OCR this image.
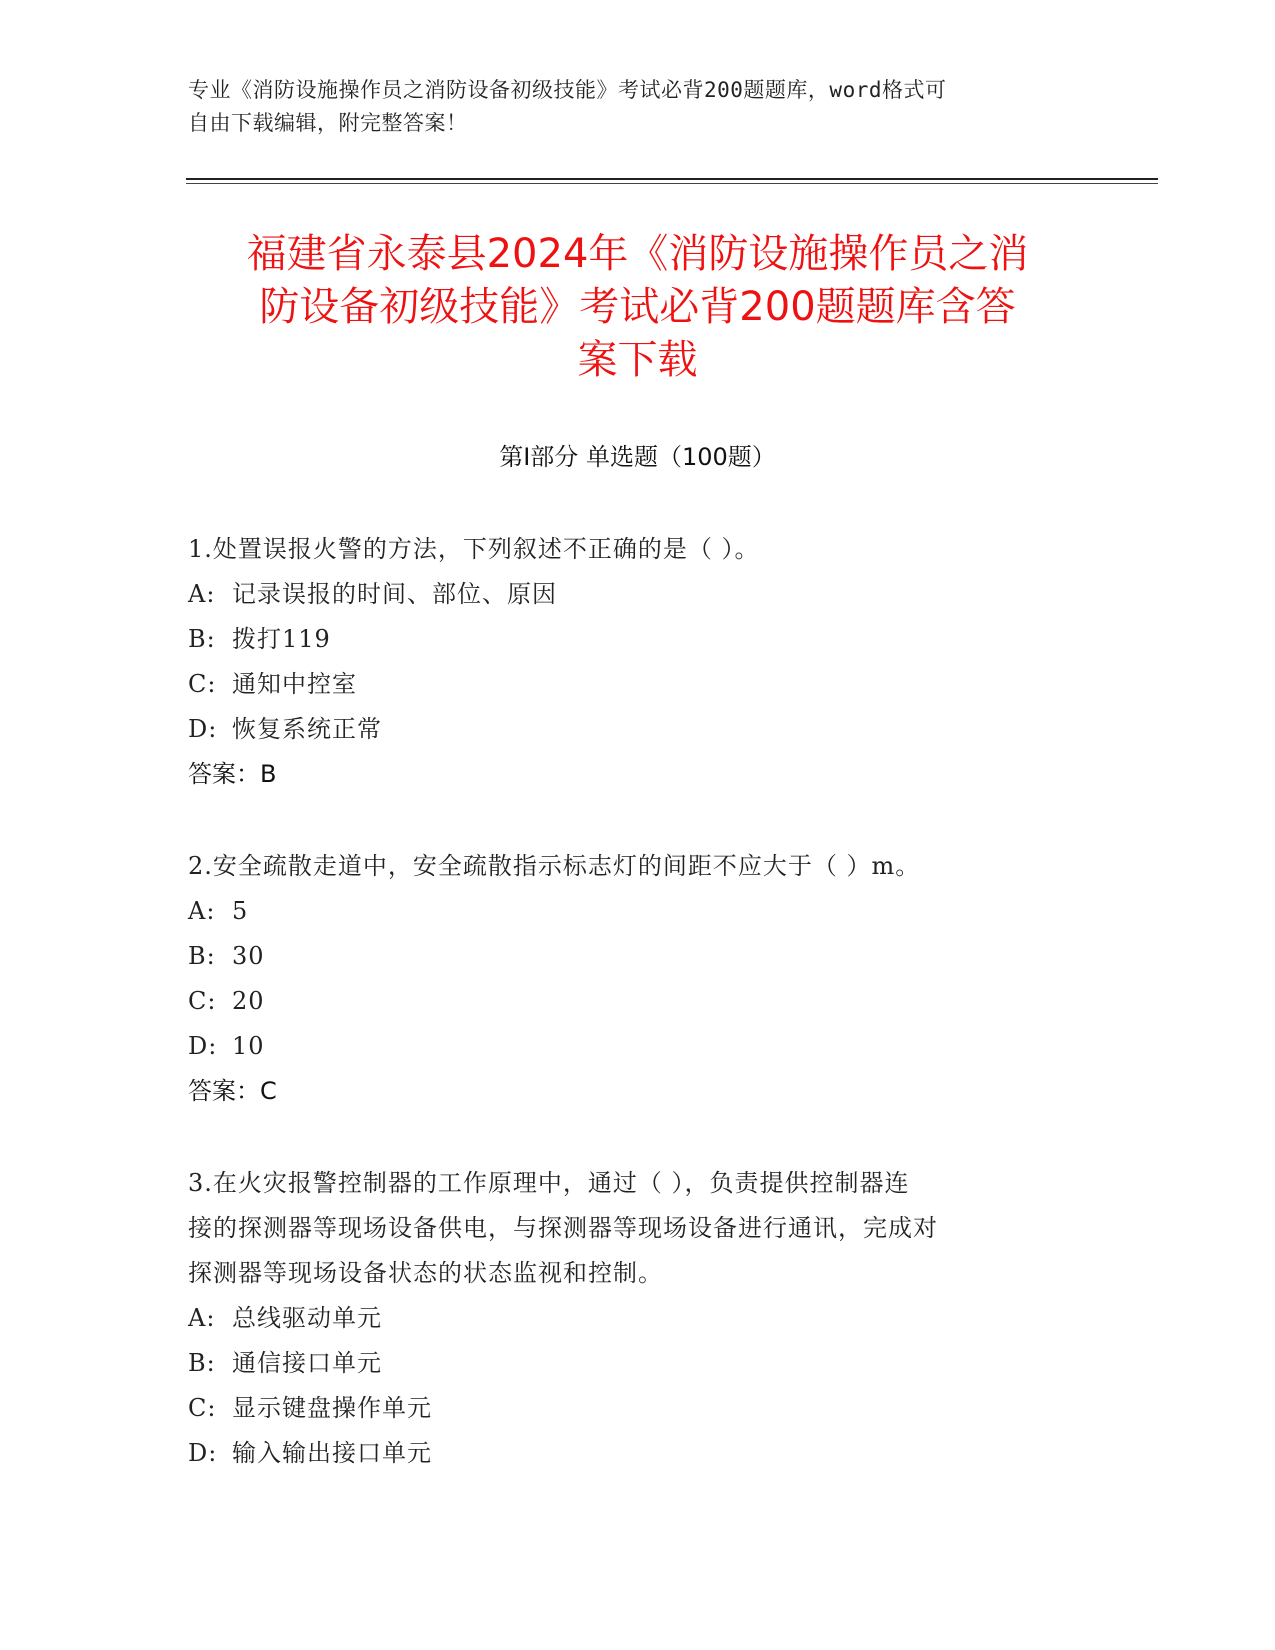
专业《消防设施操作员之消防设备初级技能》考试必背200题题库，word格式可
自由下载编辑，附完整答案！
福建省永泰县2024年《消防设施操作员之消
防设备初级技能》考试必背200题题库含答
案下载
第Ⅰ部分 单选题（100题）

1.处置误报火警的方法，下列叙述不正确的是（ ）。

A: 记录误报的时间、部位、原因

B: 拨打119

C: 通知中控室

D: 恢复系统正常

答案：B

2.安全疏散走道中，安全疏散指示标志灯的间距不应大于（ ）m。

A: 5

B: 30

C: 20

D: 10

答案：C

3.在火灾报警控制器的工作原理中，通过（ ），负责提供控制器连

接的探测器等现场设备供电，与探测器等现场设备进行通讯，完成对

探测器等现场设备状态的状态监视和控制。

A: 总线驱动单元

B: 通信接口单元

C: 显示键盘操作单元

D: 输入输出接口单元
